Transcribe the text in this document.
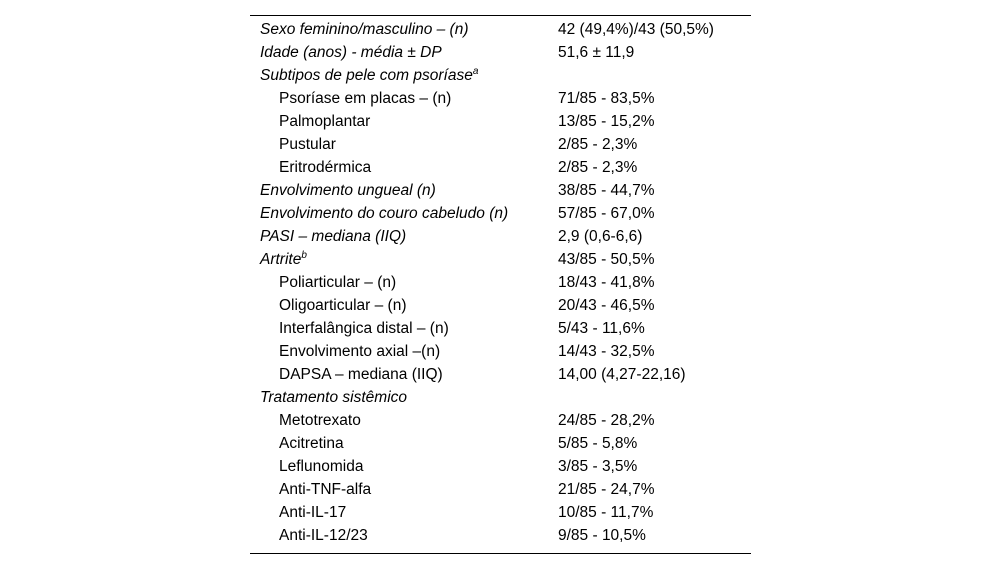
Sexo feminino/masculino – (n)	42 (49,4%)/43 (50,5%)
Idade (anos) - média ± DP	51,6 ± 11,9
Subtipos de pele com psoríase$^a$
Psoríase em placas – (n)	71/85 - 83,5%
Palmoplantar	13/85 - 15,2%
Pustular	2/85 - 2,3%
Eritrodérmica	2/85 - 2,3%
Envolvimento ungueal (n)	38/85 - 44,7%
Envolvimento do couro cabeludo (n)	57/85 - 67,0%
PASI – mediana (IIQ)	2,9 (0,6-6,6)
Artrite$^b$	43/85 - 50,5%
Poliarticular – (n)	18/43 - 41,8%
Oligoarticular – (n)	20/43 - 46,5%
Interfalângica distal – (n)	5/43 - 11,6%
Envolvimento axial –(n)	14/43 - 32,5%
DAPSA – mediana (IIQ)	14,00 (4,27-22,16)
Tratamento sistêmico
Metotrexato	24/85 - 28,2%
Acitretina	5/85 - 5,8%
Leflunomida	3/85 - 3,5%
Anti-TNF-alfa	21/85 - 24,7%
Anti-IL-17	10/85 - 11,7%
Anti-IL-12/23	9/85 - 10,5%
